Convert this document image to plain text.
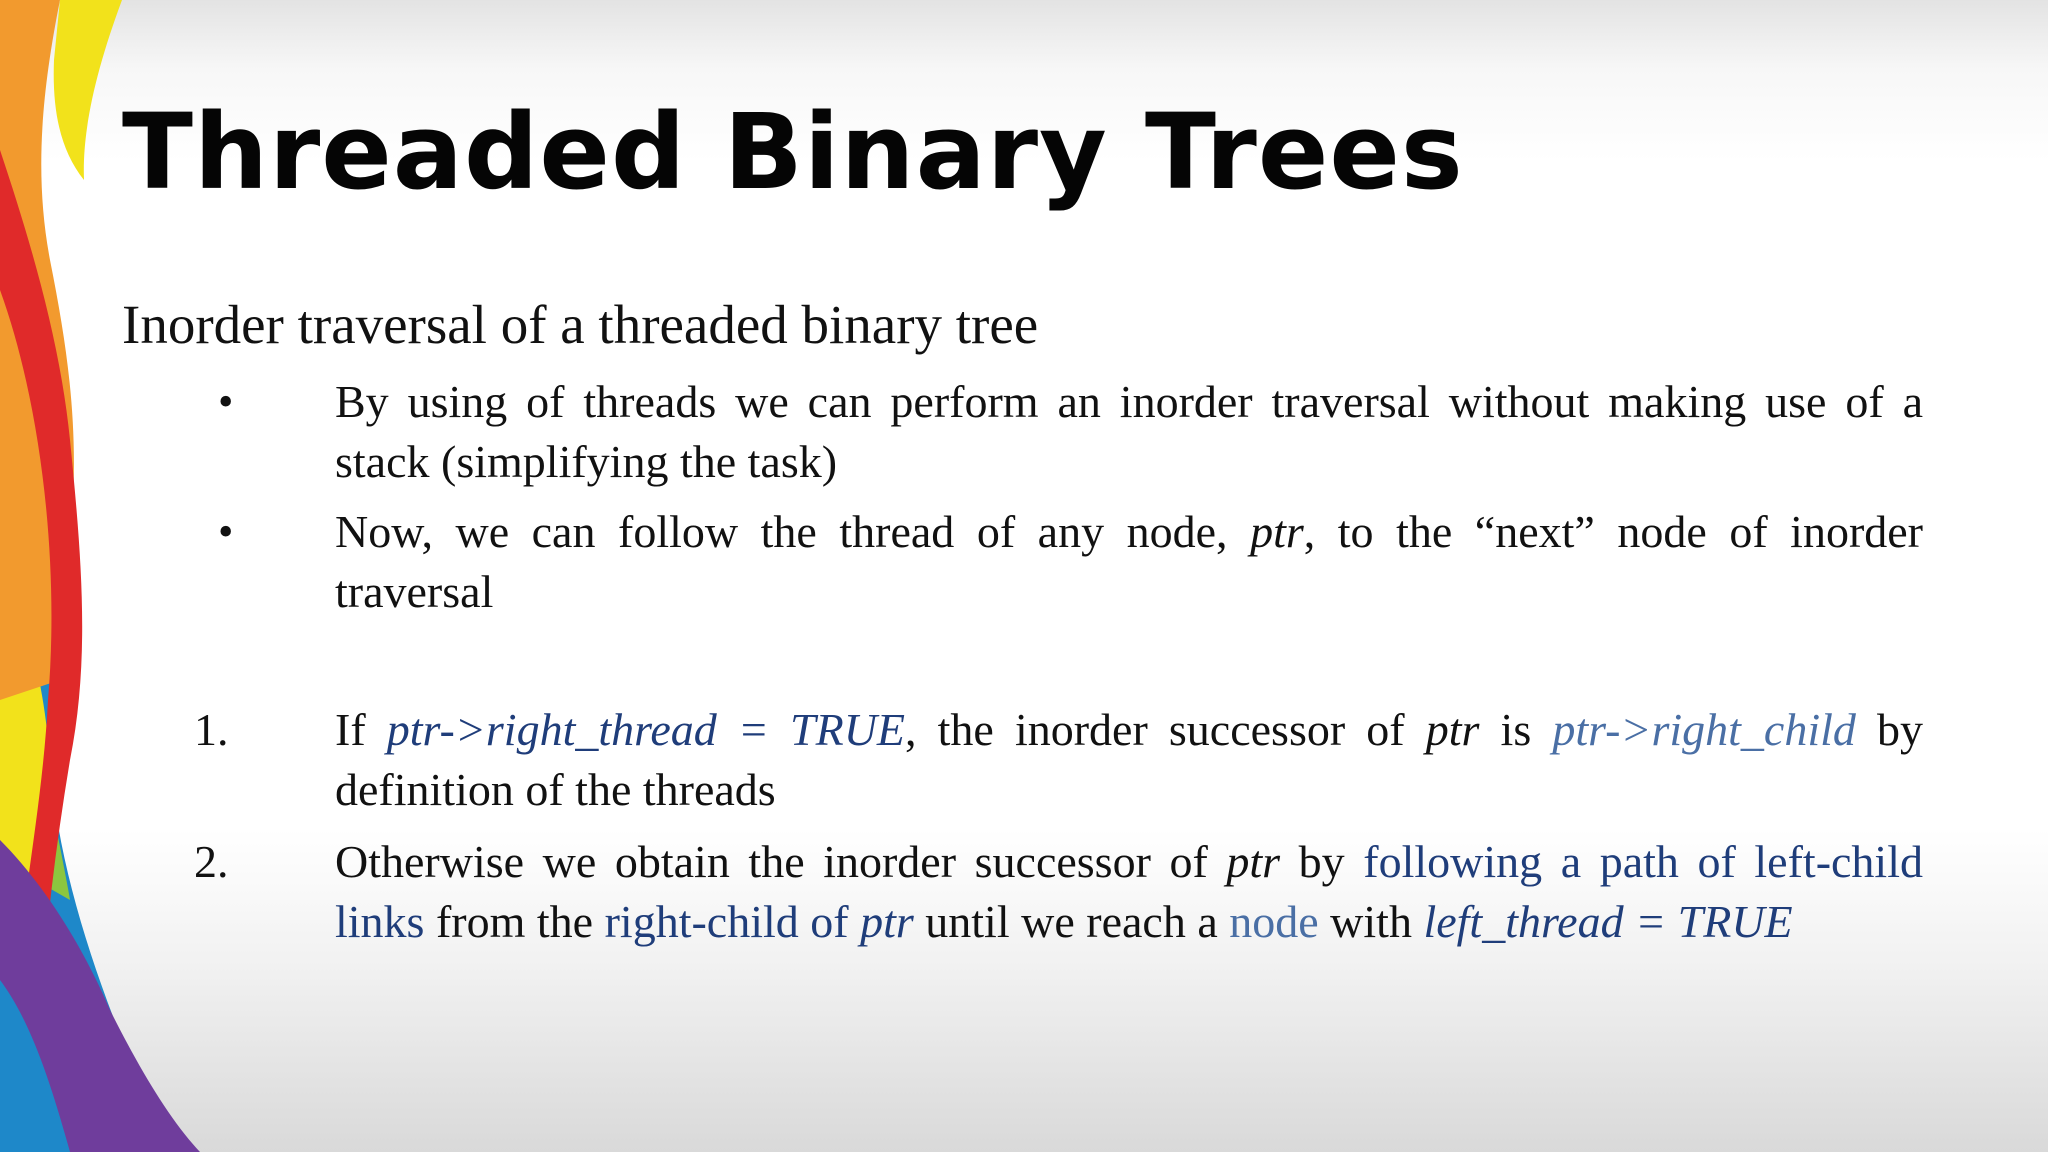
Threaded Binary Trees
Inorder traversal of a threaded binary tree
• By using of threads we can perform an inorder traversal without making use of a stack (simplifying the task)
• Now, we can follow the thread of any node, ptr, to the “next” node of inorder traversal
1. If ptr->right_thread = TRUE, the inorder successor of ptr is ptr->right_child by definition of the threads
2. Otherwise we obtain the inorder successor of ptr by following a path of left-child links from the right-child of ptr until we reach a node with left_thread = TRUE
